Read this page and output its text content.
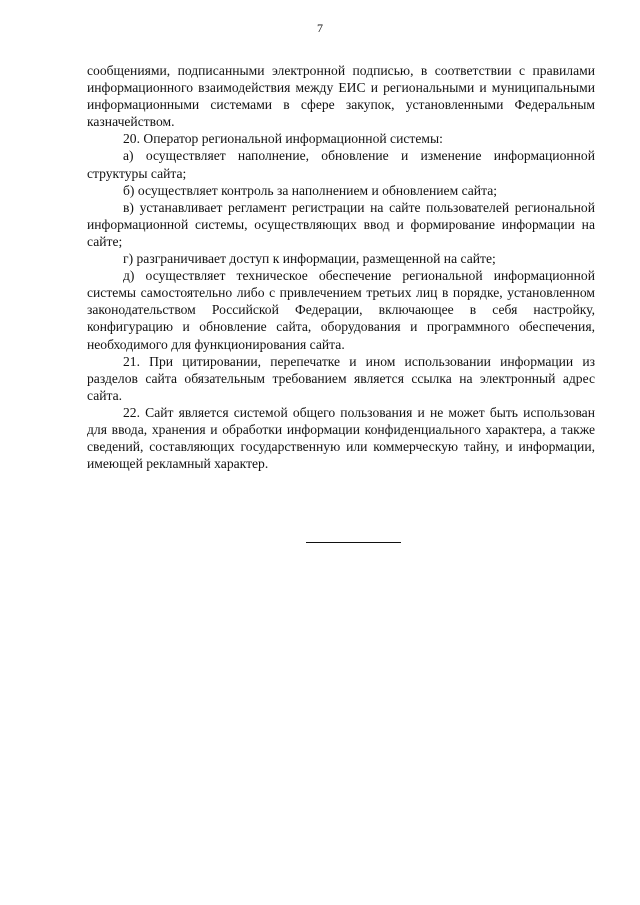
7

сообщениями, подписанными электронной подписью, в соответствии с правилами информационного взаимодействия между ЕИС и региональными и муниципальными информационными системами в сфере закупок, установленными Федеральным казначейством.

20. Оператор региональной информационной системы:

а) осуществляет наполнение, обновление и изменение информационной структуры сайта;

б) осуществляет контроль за наполнением и обновлением сайта;

в) устанавливает регламент регистрации на сайте пользователей региональной информационной системы, осуществляющих ввод и формирование информации на сайте;

г) разграничивает доступ к информации, размещенной на сайте;

д) осуществляет техническое обеспечение региональной информационной системы самостоятельно либо с привлечением третьих лиц в порядке, установленном законодательством Российской Федерации, включающее в себя настройку, конфигурацию и обновление сайта, оборудования и программного обеспечения, необходимого для функционирования сайта.

21. При цитировании, перепечатке и ином использовании информации из разделов сайта обязательным требованием является ссылка на электронный адрес сайта.

22. Сайт является системой общего пользования и не может быть использован для ввода, хранения и обработки информации конфиденциального характера, а также сведений, составляющих государственную или коммерческую тайну, и информации, имеющей рекламный характер.
